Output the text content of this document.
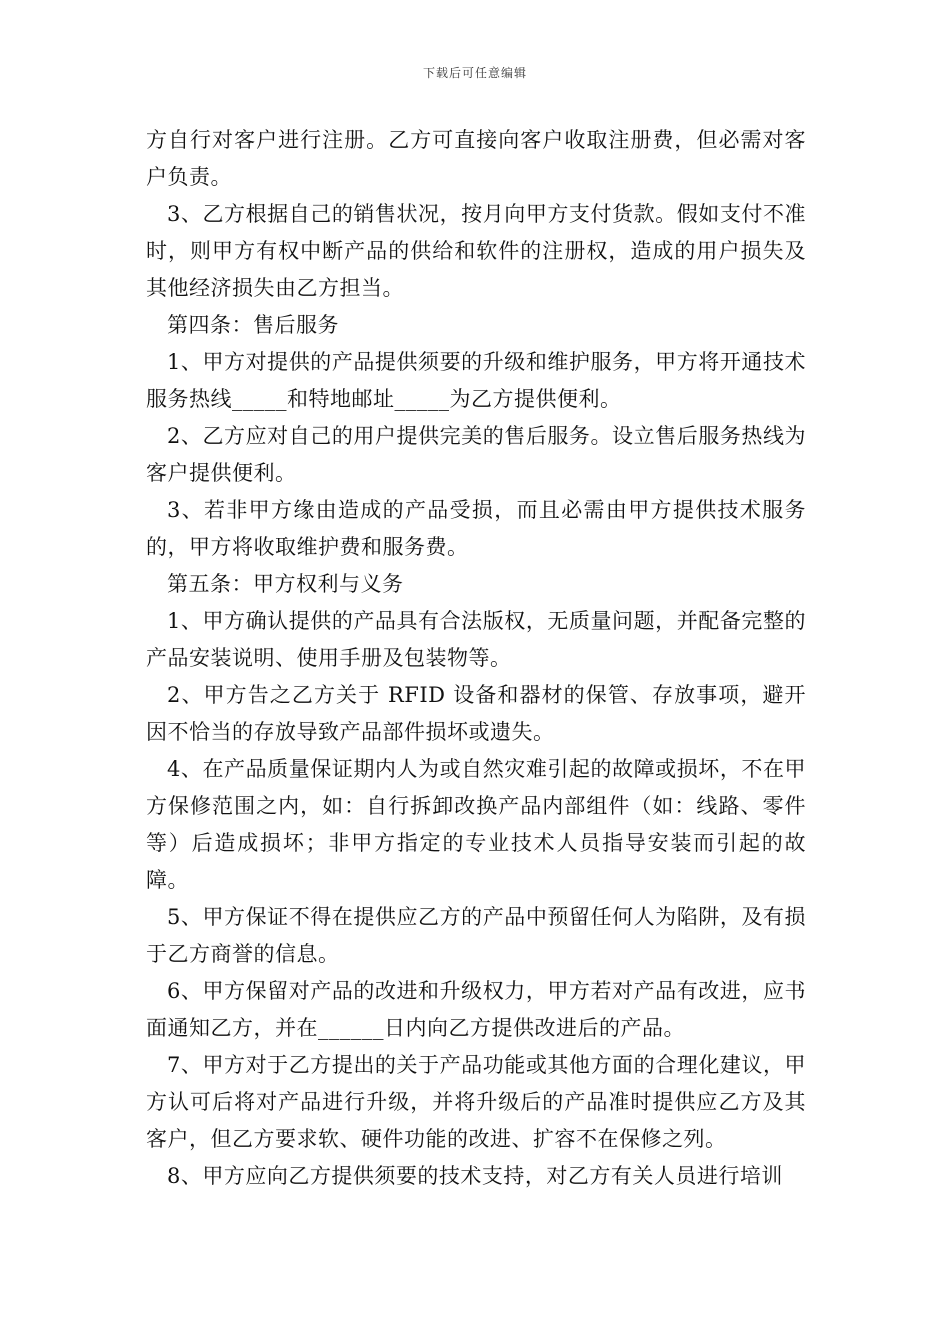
下载后可任意编辑

方自行对客户进行注册。乙方可直接向客户收取注册费，但必需对客户负责。

3、乙方根据自己的销售状况，按月向甲方支付货款。假如支付不准时，则甲方有权中断产品的供给和软件的注册权，造成的用户损失及其他经济损失由乙方担当。

第四条：售后服务

1、甲方对提供的产品提供须要的升级和维护服务，甲方将开通技术服务热线_____和特地邮址_____为乙方提供便利。

2、乙方应对自己的用户提供完美的售后服务。设立售后服务热线为客户提供便利。

3、若非甲方缘由造成的产品受损，而且必需由甲方提供技术服务的，甲方将收取维护费和服务费。

第五条：甲方权利与义务

1、甲方确认提供的产品具有合法版权，无质量问题，并配备完整的产品安装说明、使用手册及包装物等。

2、甲方告之乙方关于 RFID 设备和器材的保管、存放事项，避开因不恰当的存放导致产品部件损坏或遗失。

4、在产品质量保证期内人为或自然灾难引起的故障或损坏，不在甲方保修范围之内，如：自行拆卸改换产品内部组件（如：线路、零件等）后造成损坏；非甲方指定的专业技术人员指导安装而引起的故障。

5、甲方保证不得在提供应乙方的产品中预留任何人为陷阱，及有损于乙方商誉的信息。

6、甲方保留对产品的改进和升级权力，甲方若对产品有改进，应书面通知乙方，并在______日内向乙方提供改进后的产品。

7、甲方对于乙方提出的关于产品功能或其他方面的合理化建议，甲方认可后将对产品进行升级，并将升级后的产品准时提供应乙方及其客户，但乙方要求软、硬件功能的改进、扩容不在保修之列。

8、甲方应向乙方提供须要的技术支持，对乙方有关人员进行培训
